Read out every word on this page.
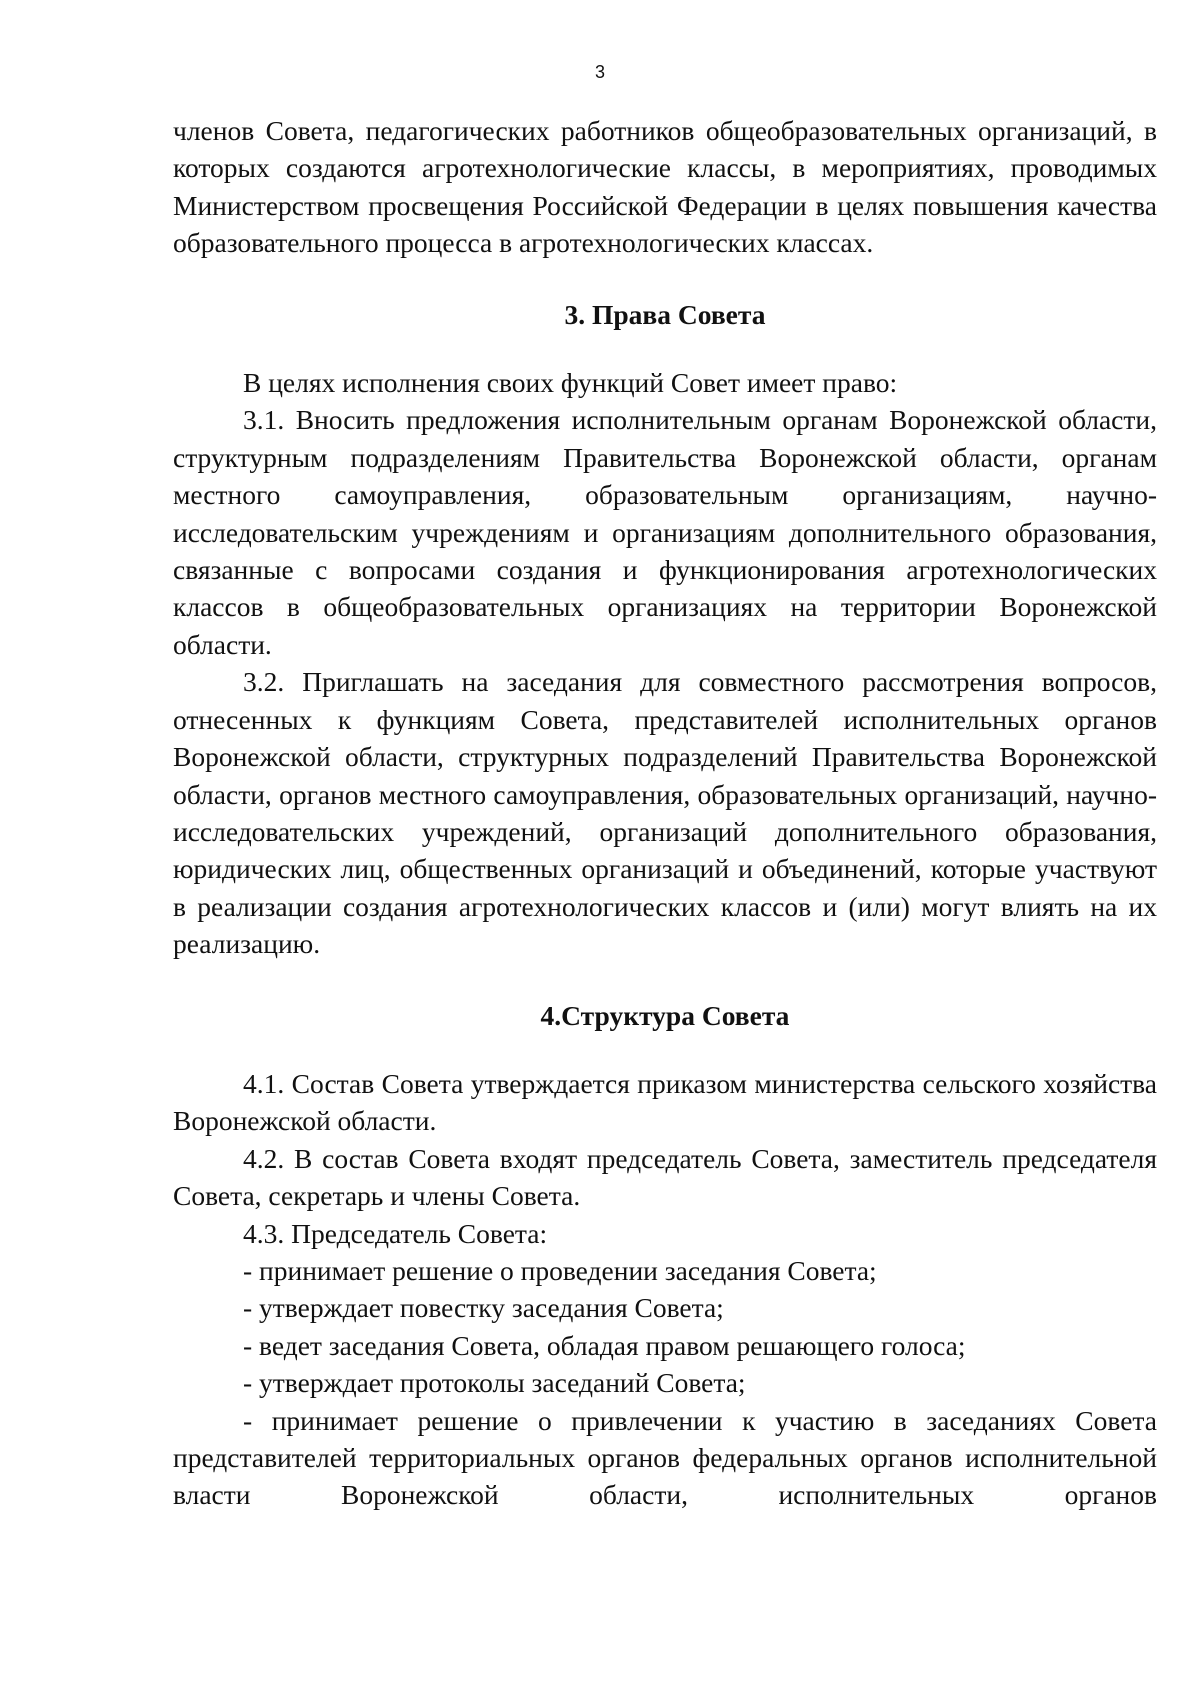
3

членов Совета, педагогических работников общеобразовательных организаций, в которых создаются агротехнологические классы, в мероприятиях, проводимых Министерством просвещения Российской Федерации в целях повышения качества образовательного процесса в агротехнологических классах.

3. Права Совета

В целях исполнения своих функций Совет имеет право:

3.1. Вносить предложения исполнительным органам Воронежской области, структурным подразделениям Правительства Воронежской области, органам местного самоуправления, образовательным организациям, научно-исследовательским учреждениям и организациям дополнительного образования, связанные с вопросами создания и функционирования агротехнологических классов в общеобразовательных организациях на территории Воронежской области.

3.2. Приглашать на заседания для совместного рассмотрения вопросов, отнесенных к функциям Совета, представителей исполнительных органов Воронежской области, структурных подразделений Правительства Воронежской области, органов местного самоуправления, образовательных организаций, научно-исследовательских учреждений, организаций дополнительного образования, юридических лиц, общественных организаций и объединений, которые участвуют в реализации создания агротехнологических классов и (или) могут влиять на их реализацию.

4.Структура Совета

4.1. Состав Совета утверждается приказом министерства сельского хозяйства Воронежской области.

4.2. В состав Совета входят председатель Совета, заместитель председателя Совета, секретарь и члены Совета.

4.3. Председатель Совета:

- принимает решение о проведении заседания Совета;

- утверждает повестку заседания Совета;

- ведет заседания Совета, обладая правом решающего голоса;

- утверждает протоколы заседаний Совета;

- принимает решение о привлечении к участию в заседаниях Совета представителей территориальных органов федеральных органов исполнительной власти Воронежской области, исполнительных органов
